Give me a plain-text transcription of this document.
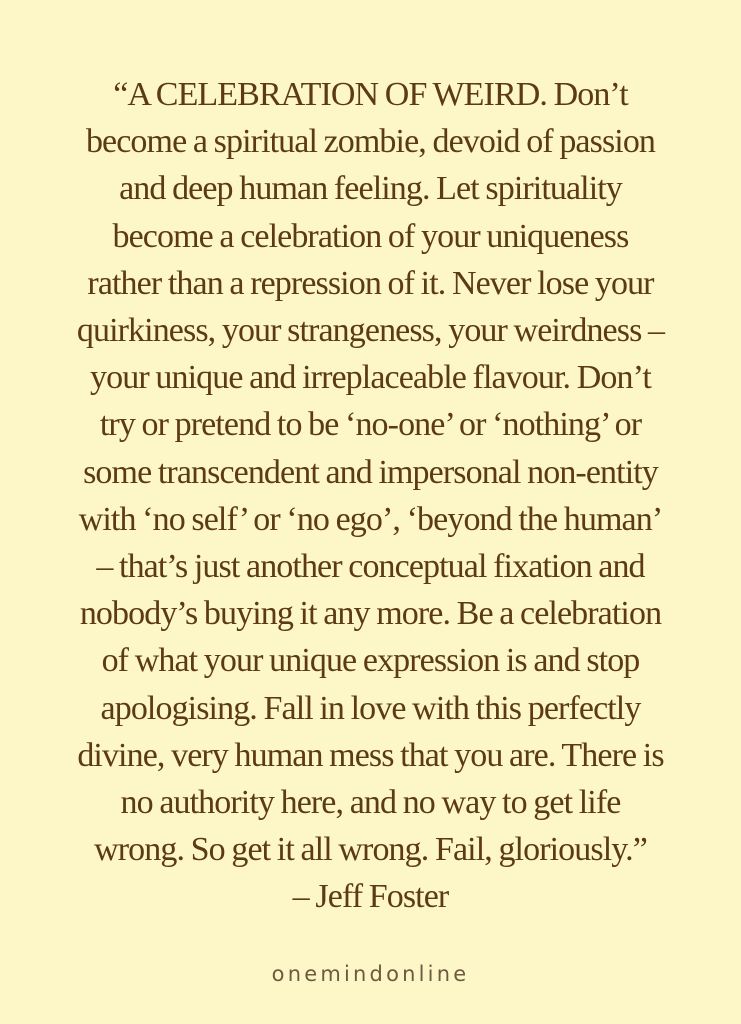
“A CELEBRATION OF WEIRD. Don’t
become a spiritual zombie, devoid of passion
and deep human feeling. Let spirituality
become a celebration of your uniqueness
rather than a repression of it. Never lose your
quirkiness, your strangeness, your weirdness –
your unique and irreplaceable flavour. Don’t
try or pretend to be ‘no-one’ or ‘nothing’ or
some transcendent and impersonal non-entity
with ‘no self’ or ‘no ego’, ‘beyond the human’
– that’s just another conceptual fixation and
nobody’s buying it any more. Be a celebration
of what your unique expression is and stop
apologising. Fall in love with this perfectly
divine, very human mess that you are. There is
no authority here, and no way to get life
wrong. So get it all wrong. Fail, gloriously.”
– Jeff Foster
onemindonline
